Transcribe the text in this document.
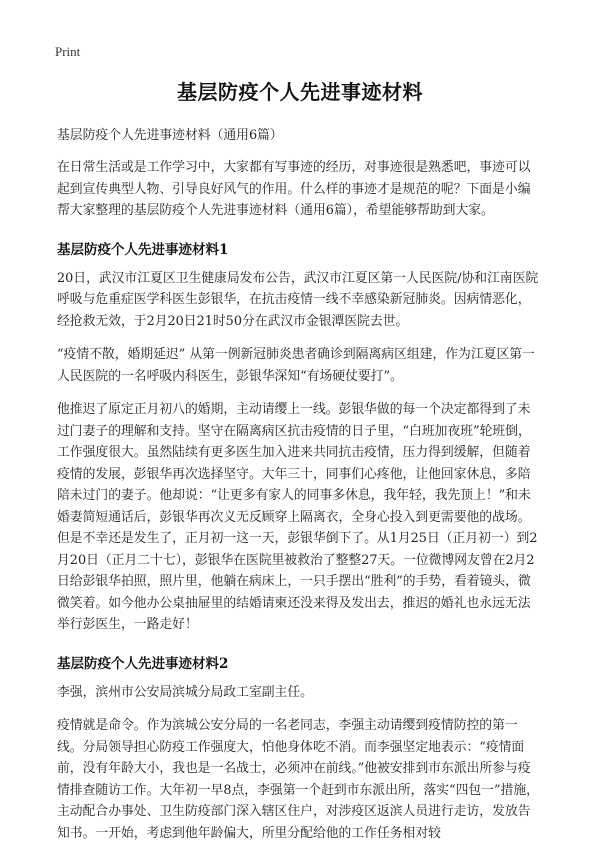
Print
基层防疫个人先进事迹材料
基层防疫个人先进事迹材料（通用6篇）

在日常生活或是工作学习中，大家都有写事迹的经历，对事迹很是熟悉吧，事迹可以起到宣传典型人物、引导良好风气的作用。什么样的事迹才是规范的呢？下面是小编帮大家整理的基层防疫个人先进事迹材料（通用6篇），希望能够帮助到大家。

基层防疫个人先进事迹材料1

20日，武汉市江夏区卫生健康局发布公告，武汉市江夏区第一人民医院/协和江南医院呼吸与危重症医学科医生彭银华，在抗击疫情一线不幸感染新冠肺炎。因病情恶化，经抢救无效，于2月20日21时50分在武汉市金银潭医院去世。

“疫情不散，婚期延迟” 从第一例新冠肺炎患者确诊到隔离病区组建，作为江夏区第一人民医院的一名呼吸内科医生，彭银华深知“有场硬仗要打”。

他推迟了原定正月初八的婚期，主动请缨上一线。彭银华做的每一个决定都得到了未过门妻子的理解和支持。坚守在隔离病区抗击疫情的日子里，“白班加夜班”轮班倒，工作强度很大。虽然陆续有更多医生加入进来共同抗击疫情，压力得到缓解，但随着疫情的发展，彭银华再次选择坚守。大年三十，同事们心疼他，让他回家休息，多陪陪未过门的妻子。他却说：“让更多有家人的同事多休息，我年轻，我先顶上！”和未婚妻简短通话后，彭银华再次义无反顾穿上隔离衣，全身心投入到更需要他的战场。但是不幸还是发生了，正月初一这一天，彭银华倒下了。从1月25日（正月初一）到2月20日（正月二十七），彭银华在医院里被救治了整整27天。一位微博网友曾在2月2日给彭银华拍照，照片里，他躺在病床上，一只手摆出“胜利”的手势，看着镜头，微微笑着。如今他办公桌抽屉里的结婚请柬还没来得及发出去，推迟的婚礼也永远无法举行彭医生，一路走好！

基层防疫个人先进事迹材料2

李强，滨州市公安局滨城分局政工室副主任。

疫情就是命令。作为滨城公安分局的一名老同志，李强主动请缨到疫情防控的第一线。分局领导担心防疫工作强度大，怕他身体吃不消。而李强坚定地表示：“疫情面前，没有年龄大小，我也是一名战士，必须冲在前线。”他被安排到市东派出所参与疫情排查随访工作。大年初一早8点，李强第一个赶到市东派出所，落实“四包一”措施，主动配合办事处、卫生防疫部门深入辖区住户，对涉疫区返滨人员进行走访，发放告知书。一开始，考虑到他年龄偏大，所里分配给他的工作任务相对较
